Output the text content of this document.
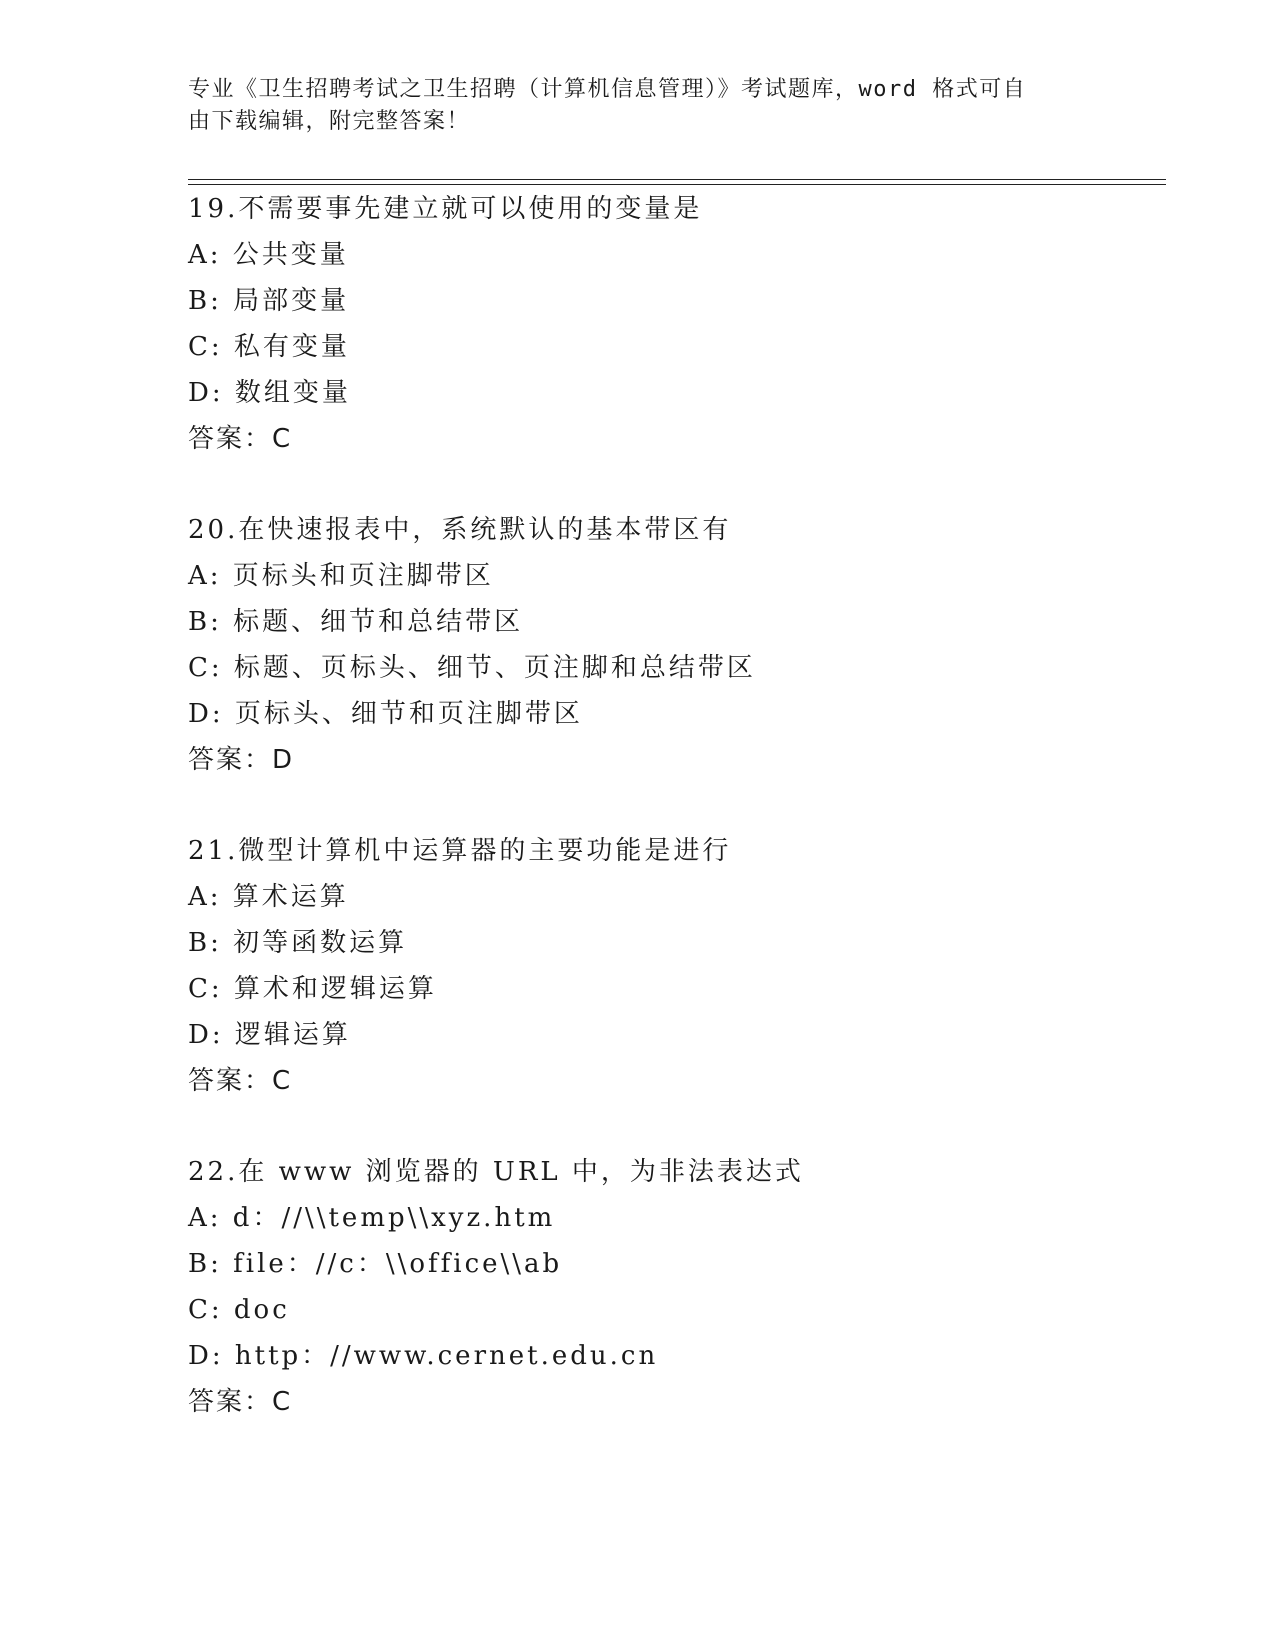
专业《卫生招聘考试之卫生招聘（计算机信息管理）》考试题库，word 格式可自
由下载编辑，附完整答案！
19.不需要事先建立就可以使用的变量是
A: 公共变量
B: 局部变量
C: 私有变量
D: 数组变量
答案：C
20.在快速报表中，系统默认的基本带区有
A: 页标头和页注脚带区
B: 标题、细节和总结带区
C: 标题、页标头、细节、页注脚和总结带区
D: 页标头、细节和页注脚带区
答案：D
21.微型计算机中运算器的主要功能是进行
A: 算术运算
B: 初等函数运算
C: 算术和逻辑运算
D: 逻辑运算
答案：C
22.在 www 浏览器的 URL 中，为非法表达式
A: d：//\\temp\\xyz.htm
B: file：//c：\\office\\ab
C: doc
D: http：//www.cernet.edu.cn
答案：C
